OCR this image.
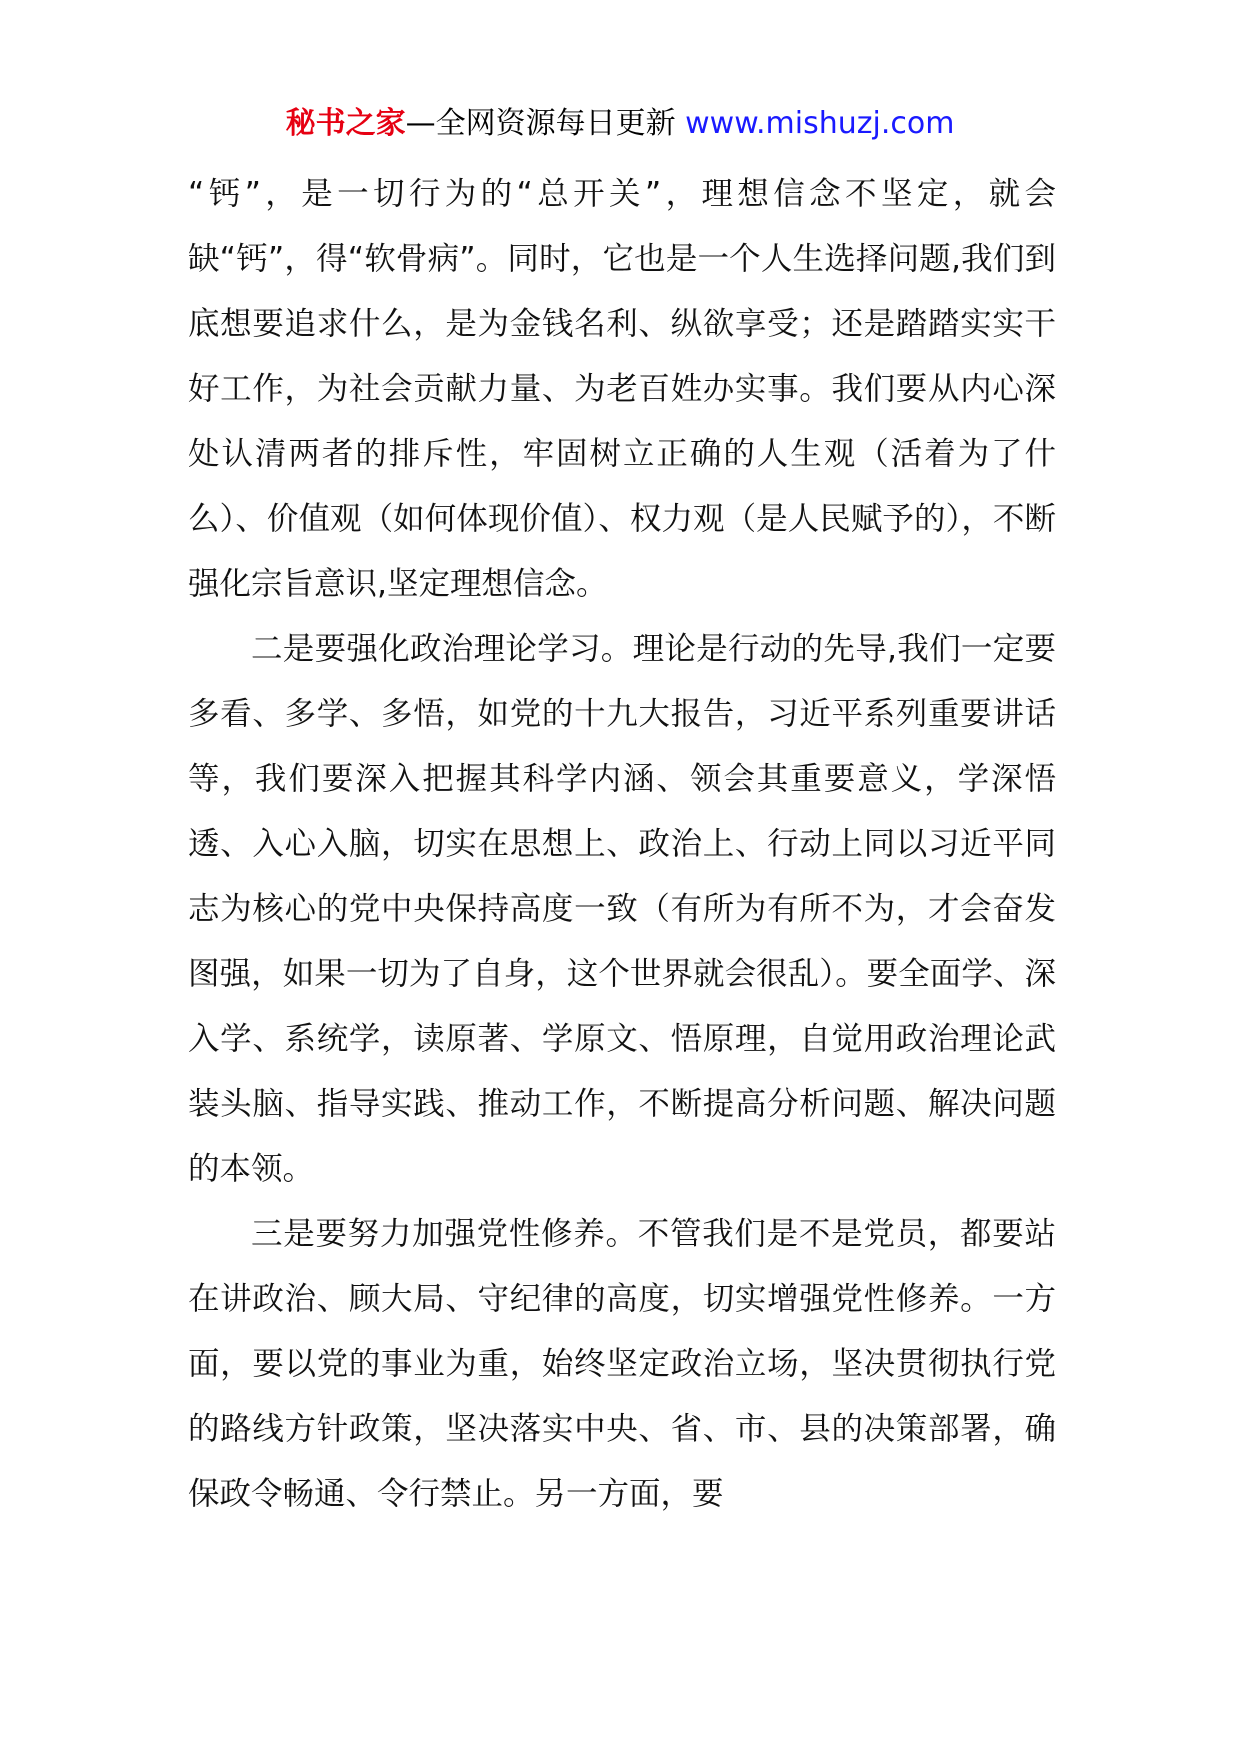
秘书之家—全网资源每日更新 www.mishuzj.com

“钙”，是一切行为的“总开关”，理想信念不坚定，就会缺“钙”，得“软骨病”。同时，它也是一个人生选择问题,我们到底想要追求什么，是为金钱名利、纵欲享受；还是踏踏实实干好工作，为社会贡献力量、为老百姓办实事。我们要从内心深处认清两者的排斥性，牢固树立正确的人生观（活着为了什么）、价值观（如何体现价值）、权力观（是人民赋予的），不断强化宗旨意识,坚定理想信念。

二是要强化政治理论学习。理论是行动的先导,我们一定要多看、多学、多悟，如党的十九大报告，习近平系列重要讲话等，我们要深入把握其科学内涵、领会其重要意义，学深悟透、入心入脑，切实在思想上、政治上、行动上同以习近平同志为核心的党中央保持高度一致（有所为有所不为，才会奋发图强，如果一切为了自身，这个世界就会很乱）。要全面学、深入学、系统学，读原著、学原文、悟原理，自觉用政治理论武装头脑、指导实践、推动工作，不断提高分析问题、解决问题的本领。

三是要努力加强党性修养。不管我们是不是党员，都要站在讲政治、顾大局、守纪律的高度，切实增强党性修养。一方面，要以党的事业为重，始终坚定政治立场，坚决贯彻执行党的路线方针政策，坚决落实中央、省、市、县的决策部署，确保政令畅通、令行禁止。另一方面，要
